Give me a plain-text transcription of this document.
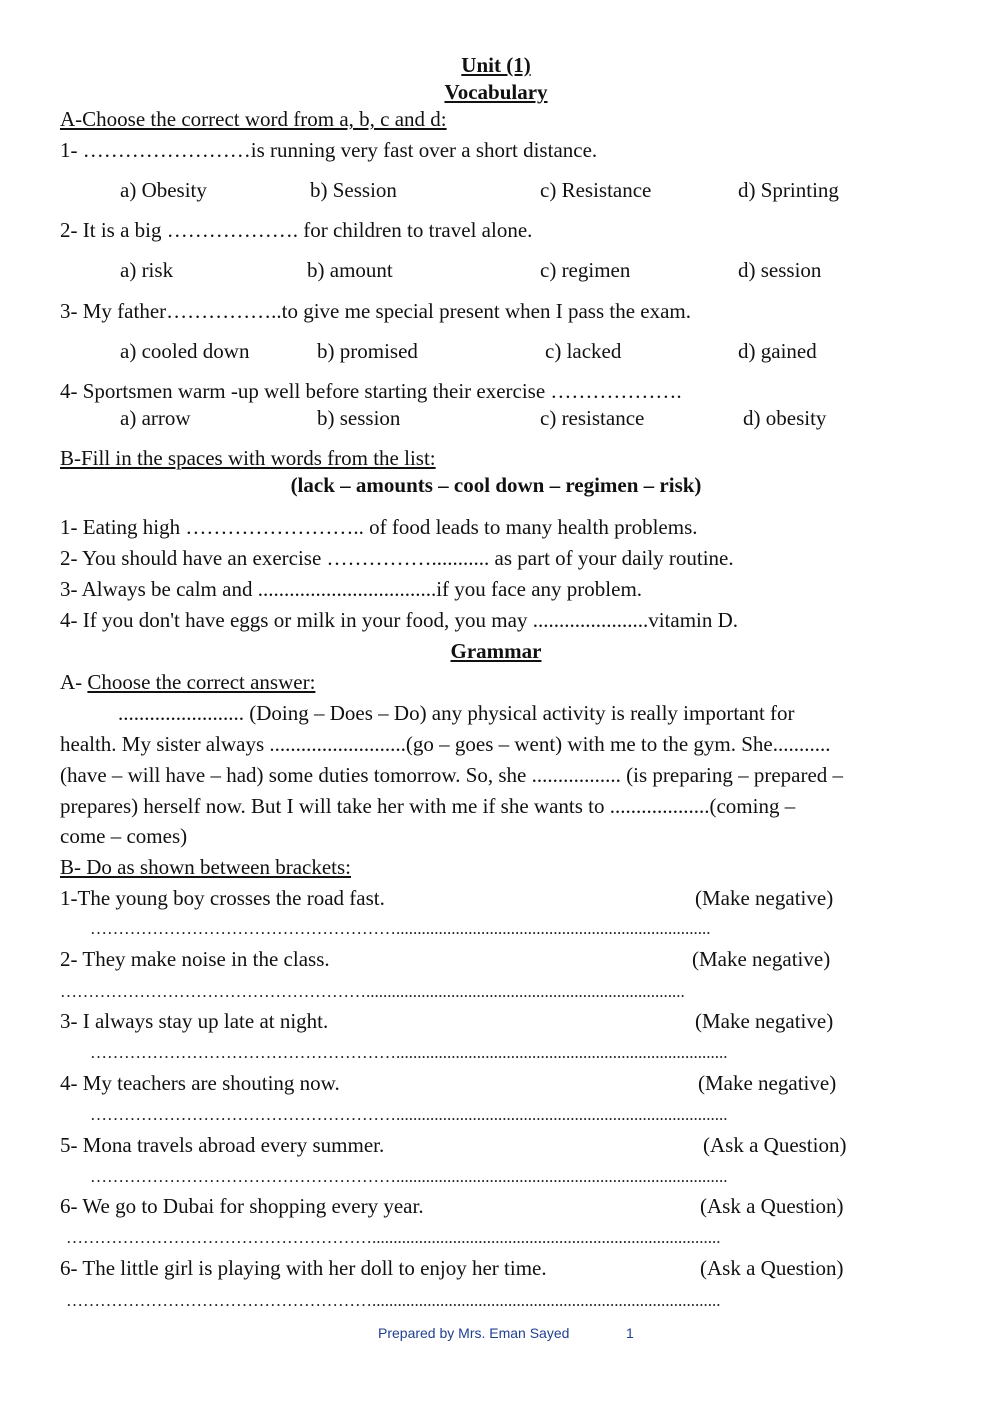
Unit (1)
Vocabulary
A-Choose the correct word from a, b, c and d:
1- ……………………is running very fast over a short distance.
a) Obesity	b) Session	c) Resistance	d) Sprinting
2- It is a big ………………. for children to travel alone.
a) risk	b) amount	c) regimen	d) session
3- My father……………..to give me special present when I pass the exam.
a) cooled down	b) promised	c) lacked	d) gained
4- Sportsmen warm -up well before starting their exercise ……………….
a) arrow	b) session	c) resistance	d) obesity
B-Fill in the spaces with words from the list:
(lack – amounts – cool down – regimen – risk)
1- Eating high …………………….. of food leads to many health problems.
2- You should have an exercise ……………........... as part of your daily routine.
3- Always be calm and ..................................if you face any problem.
4- If you don't have eggs or milk in your food, you may ......................vitamin D.
Grammar
A- Choose the correct answer:
........................ (Doing – Does – Do) any physical activity is really important for
health. My sister always ..........................(go – goes – went) with me to the gym. She...........
(have – will have – had) some duties tomorrow. So, she ................. (is preparing – prepared –
prepares) herself now. But I will take her with me if she wants to ...................(coming –
come – comes)
B- Do as shown between brackets:
1-The young boy crosses the road fast.	(Make negative)
………………………………………………..........................................................................
2- They make noise in the class.	(Make negative)
………………………………………………...........................................................................
3- I always stay up late at night.	(Make negative)
………………………………………………..............................................................................
4- My teachers are shouting now.	(Make negative)
………………………………………………..............................................................................
5- Mona travels abroad every summer.	(Ask a Question)
………………………………………………..............................................................................
6- We go to Dubai for shopping every year.	(Ask a Question)
………………………………………………..................................................................................
6- The little girl is playing with her doll to enjoy her time.	(Ask a Question)
………………………………………………..................................................................................
Prepared by Mrs. Eman Sayed	1
